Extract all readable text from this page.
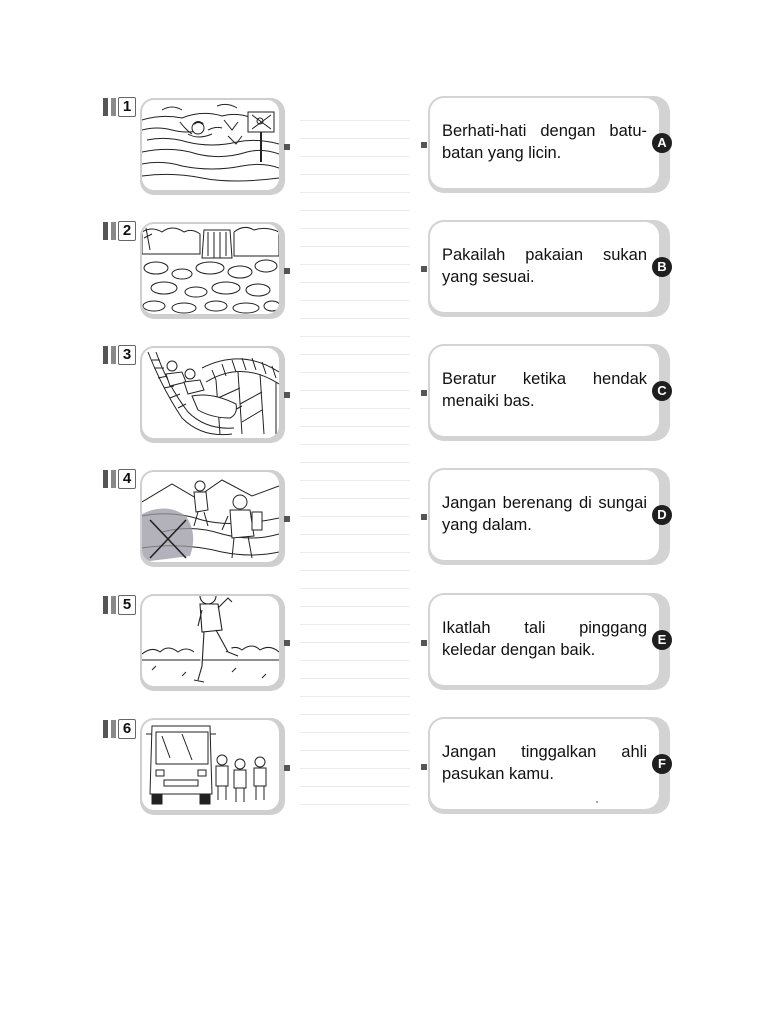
1
Berhati-hati dengan batu-batan yang licin.
A
2
Pakailah pakaian sukan yang sesuai.
B
3
Beratur ketika hendak menaiki bas.
C
4
Jangan berenang di sungai yang dalam.
D
5
Ikatlah tali pinggang keledar dengan baik.
E
6
Jangan tinggalkan ahli pasukan kamu.
F
